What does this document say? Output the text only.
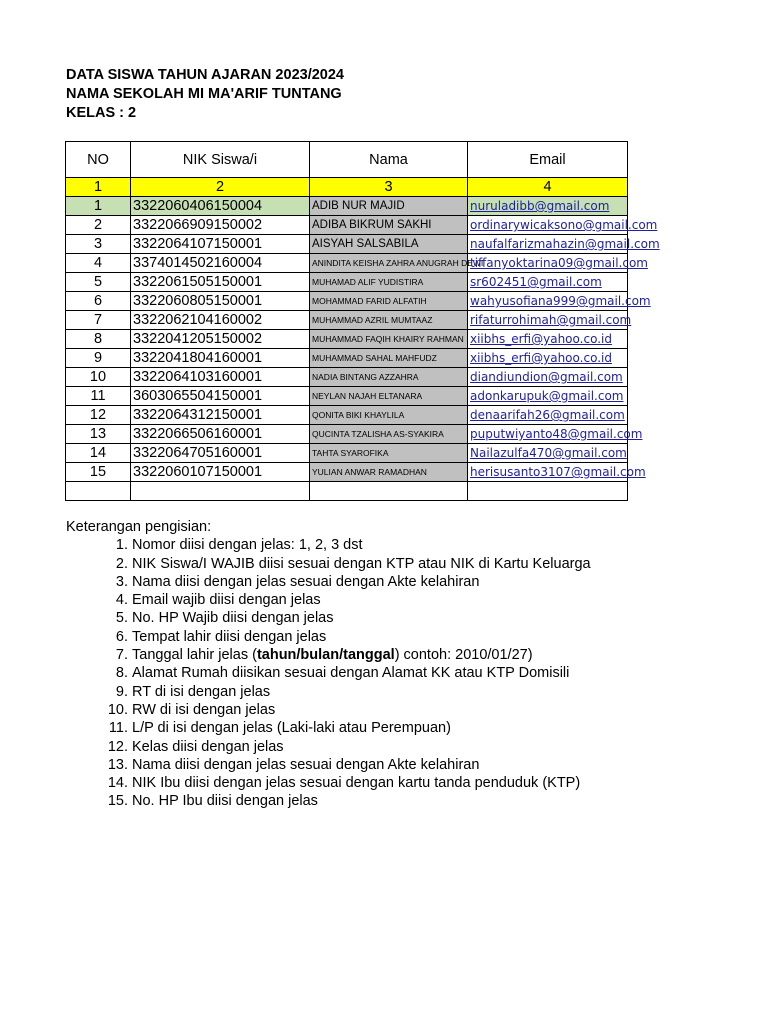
DATA SISWA TAHUN AJARAN 2023/2024
NAMA SEKOLAH MI MA'ARIF TUNTANG
KELAS : 2
NO	NIK Siswa/i	Nama	Email
1	2	3	4
1	3322060406150004	ADIB NUR MAJID	nuruladibb@gmail.com
2	3322066909150002	ADIBA BIKRUM SAKHI	ordinarywicaksono@gmail.com
3	3322064107150001	AISYAH SALSABILA	naufalfarizmahazin@gmail.com
4	3374014502160004	ANINDITA KEISHA ZAHRA ANUGRAH DEWI	tiffanyoktarina09@gmail.com
5	3322061505150001	MUHAMAD ALIF YUDISTIRA	sr602451@gmail.com
6	3322060805150001	MOHAMMAD FARID ALFATIH	wahyusofiana999@gmail.com
7	3322062104160002	MUHAMMAD AZRIL MUMTAAZ	rifaturrohimah@gmail.com
8	3322041205150002	MUHAMMAD FAQIH KHAIRY RAHMAN	xiibhs_erfi@yahoo.co.id
9	3322041804160001	MUHAMMAD SAHAL MAHFUDZ	xiibhs_erfi@yahoo.co.id
10	3322064103160001	NADIA BINTANG AZZAHRA	diandiundion@gmail.com
11	3603065504150001	NEYLAN NAJAH ELTANARA	adonkarupuk@gmail.com
12	3322064312150001	QONITA BIKI KHAYLILA	denaarifah26@gmail.com
13	3322066506160001	QUCINTA TZALISHA AS-SYAKIRA	puputwiyanto48@gmail.com
14	3322064705160001	TAHTA SYAROFIKA	Nailazulfa470@gmail.com
15	3322060107150001	YULIAN ANWAR RAMADHAN	herisusanto3107@gmail.com

Keterangan pengisian:
1. Nomor diisi dengan jelas: 1, 2, 3 dst
2. NIK Siswa/I WAJIB diisi sesuai dengan KTP atau NIK di Kartu Keluarga
3. Nama diisi dengan jelas sesuai dengan Akte kelahiran
4. Email wajib diisi dengan jelas
5. No. HP Wajib diisi dengan jelas
6. Tempat lahir diisi dengan jelas
7. Tanggal lahir jelas (tahun/bulan/tanggal) contoh: 2010/01/27)
8. Alamat Rumah diisikan sesuai dengan Alamat KK atau KTP Domisili
9. RT di isi dengan jelas
10. RW di isi dengan jelas
11. L/P di isi dengan jelas (Laki-laki atau Perempuan)
12. Kelas diisi dengan jelas
13. Nama diisi dengan jelas sesuai dengan Akte kelahiran
14. NIK Ibu diisi dengan jelas sesuai dengan kartu tanda penduduk (KTP)
15. No. HP Ibu diisi dengan jelas
